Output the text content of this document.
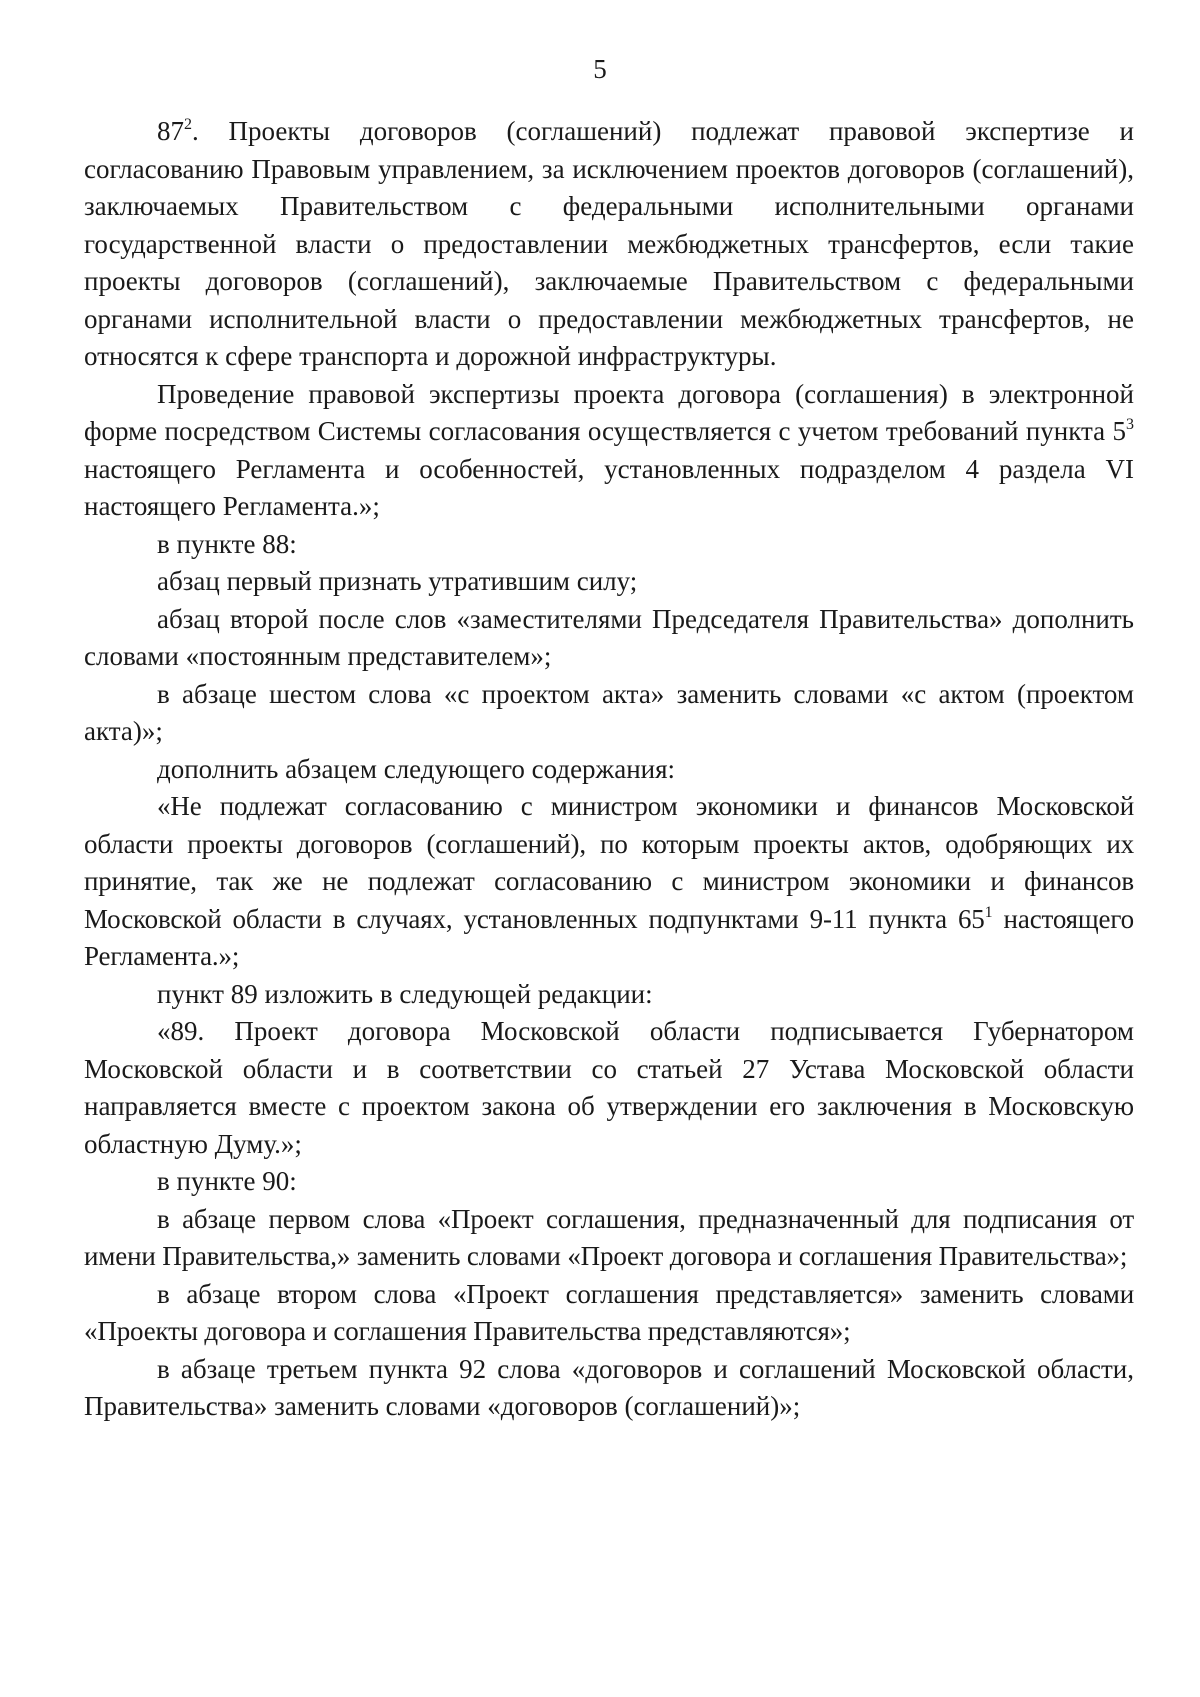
5

$87^2$. Проекты договоров (соглашений) подлежат правовой экспертизе и согласованию Правовым управлением, за исключением проектов договоров (соглашений), заключаемых Правительством с федеральными исполнительными органами государственной власти о предоставлении межбюджетных трансфертов, если такие проекты договоров (соглашений), заключаемые Правительством с федеральными органами исполнительной власти о предоставлении межбюджетных трансфертов, не относятся к сфере транспорта и дорожной инфраструктуры.

Проведение правовой экспертизы проекта договора (соглашения) в электронной форме посредством Системы согласования осуществляется с учетом требований пункта $5^3$ настоящего Регламента и особенностей, установленных подразделом 4 раздела VI настоящего Регламента.»;

в пункте 88:

абзац первый признать утратившим силу;

абзац второй после слов «заместителями Председателя Правительства» дополнить словами «постоянным представителем»;

в абзаце шестом слова «с проектом акта» заменить словами «с актом (проектом акта)»;

дополнить абзацем следующего содержания:

«Не подлежат согласованию с министром экономики и финансов Московской области проекты договоров (соглашений), по которым проекты актов, одобряющих их принятие, так же не подлежат согласованию с министром экономики и финансов Московской области в случаях, установленных подпунктами 9-11 пункта $65^1$ настоящего Регламента.»;

пункт 89 изложить в следующей редакции:

«89. Проект договора Московской области подписывается Губернатором Московской области и в соответствии со статьей 27 Устава Московской области направляется вместе с проектом закона об утверждении его заключения в Московскую областную Думу.»;

в пункте 90:

в абзаце первом слова «Проект соглашения, предназначенный для подписания от имени Правительства,» заменить словами «Проект договора и соглашения Правительства»;

в абзаце втором слова «Проект соглашения представляется» заменить словами «Проекты договора и соглашения Правительства представляются»;

в абзаце третьем пункта 92 слова «договоров и соглашений Московской области, Правительства» заменить словами «договоров (соглашений)»;
